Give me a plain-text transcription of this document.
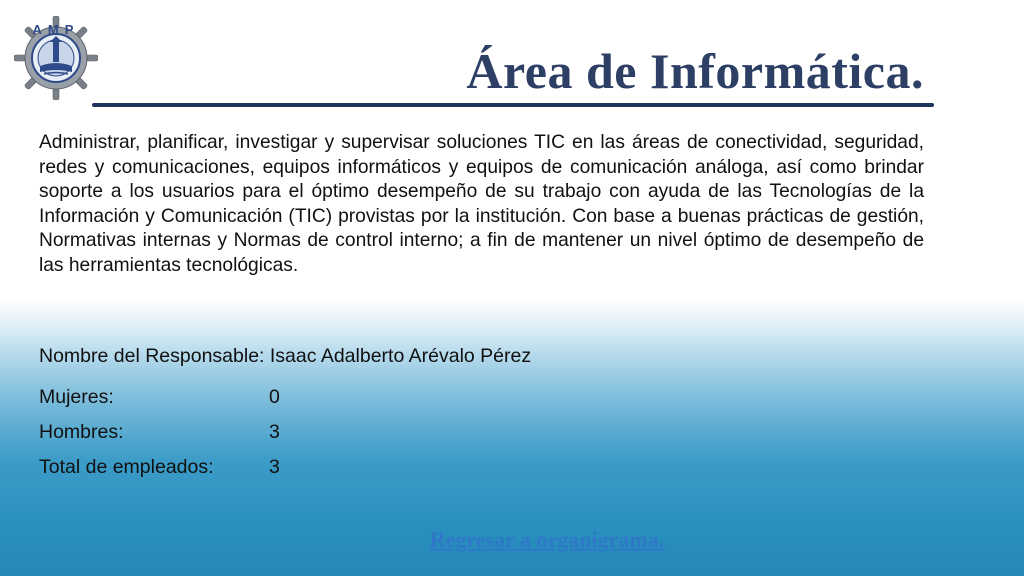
AMP
Área de Informática.

Administrar, planificar, investigar y supervisar soluciones TIC en las áreas de conectividad, seguridad, redes y comunicaciones, equipos informáticos y equipos de comunicación análoga, así como brindar soporte a los usuarios para el óptimo desempeño de su trabajo con ayuda de las Tecnologías de la Información y Comunicación (TIC) provistas por la institución. Con base a buenas prácticas de gestión, Normativas internas y Normas de control interno; a fin de mantener un nivel óptimo de desempeño de las herramientas tecnológicas.

Nombre del Responsable: Isaac Adalberto Arévalo Pérez

Mujeres:	0
Hombres:	3
Total de empleados:	3
Regresar a organigrama.
